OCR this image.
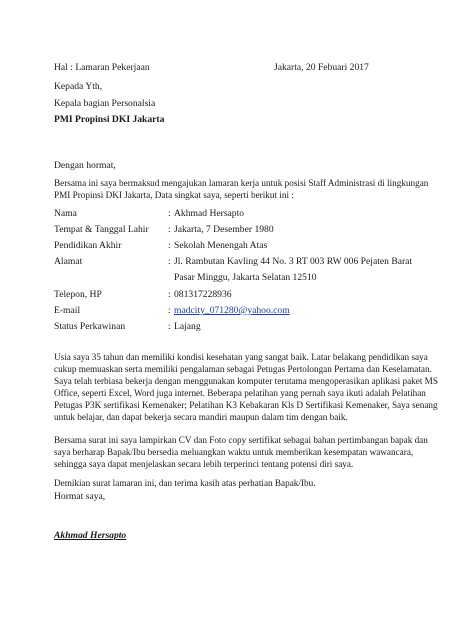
Hal : Lamaran Pekerjaan	Jakarta, 20 Febuari 2017
Kepada Yth,
Kepala bagian Personalsia
PMI Propinsi DKI Jakarta
Dengan hormat,
Bersama ini saya bermaksud mengajukan lamaran kerja untuk posisi Staff Administrasi di lingkungan
PMI Propinsi DKI Jakarta, Data singkat saya, seperti berikut ini :
Nama	: Akhmad Hersapto
Tempat & Tanggal Lahir : Jakarta, 7 Desember 1980
Pendidikan Akhir	: Sekolah Menengah Atas
Alamat	: Jl. Rambutan Kavling 44 No. 3 RT 003 RW 006 Pejaten Barat
Pasar Minggu, Jakarta Selatan 12510
Telepon, HP	: 081317228936
E-mail	: madcity_071280@yahoo.com
Status Perkawinan	: Lajang
Usia saya 35 tahun dan memiliki kondisi kesehatan yang sangat baik. Latar belakang pendidikan saya
cukup memuaskan serta memiliki pengalaman sebagai Petugas Pertolongan Pertama dan Keselamatan.
Saya telah terbiasa bekerja dengan menggunakan komputer terutama mengoperasikan aplikasi paket MS
Office, seperti Excel, Word juga internet. Beberapa pelatihan yang pernah saya ikuti adalah Pelatihan
Petugas P3K sertifikasi Kemenaker; Pelatihan K3 Kebakaran Kls D Sertifikasi Kemenaker, Saya senang
untuk belajar, dan dapat bekerja secara mandiri maupun dalam tim dengan baik.
Bersama surat ini saya lampirkan CV dan Foto copy sertifikat sebagai bahan pertimbangan bapak dan
saya berharap Bapak/Ibu bersedia meluangkan waktu untuk memberikan kesempatan wawancara,
sehingga saya dapat menjelaskan secara lebih terperinci tentang potensi diri saya.
Demikian surat lamaran ini, dan terima kasih atas perhatian Bapak/Ibu.
Hormat saya,
Akhmad Hersapto
